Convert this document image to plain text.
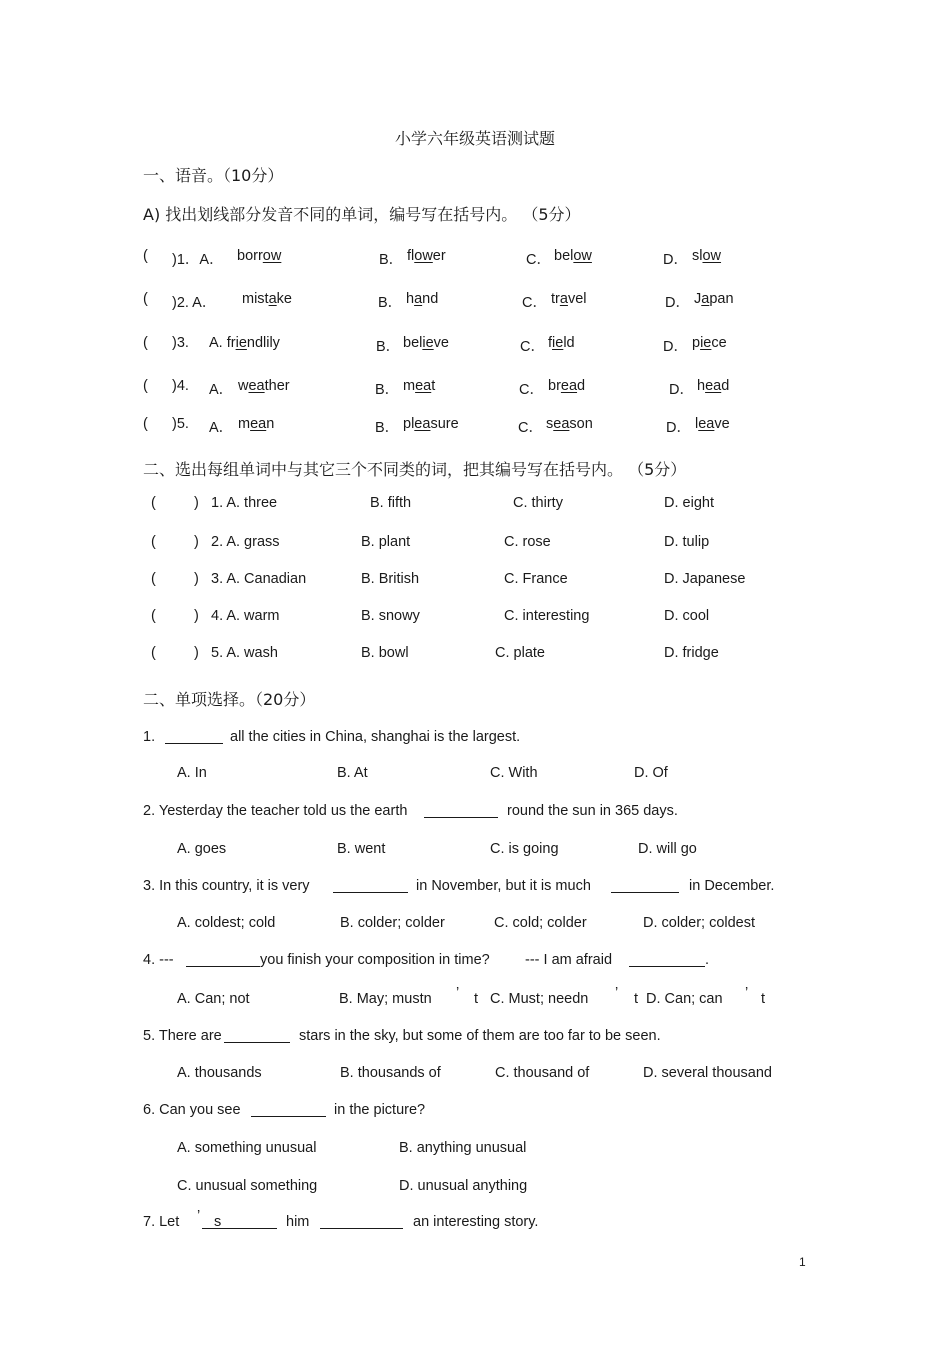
小学六年级英语测试题
一、语音。（10分）
A) 找出划线部分发音不同的单词，编号写在括号内。 （5分）
( )1．A． borrow	B． flower	C． below	D． slow
( )2. A． mistake	B． hand	C． travel	D． Japan
( )3. A. friendlily	B． believe	C． field	D． piece
( )4. A． weather	B． meat	C． bread	D． head
( )5. A． mean	B． pleasure	C． season	D． leave
二、选出每组单词中与其它三个不同类的词，把其编号写在括号内。 （5分）
(	) 1. A. three	B. fifth	C. thirty	D. eight
(	) 2. A. grass	B. plant	C. rose	D. tulip
(	) 3. A. Canadian	B. British	C. France	D. Japanese
(	) 4. A. warm	B. snowy	C. interesting	D. cool
(	) 5. A. wash	B. bowl	C. plate	D. fridge
二、单项选择。（20分）
1.	all the cities in China, shanghai is the largest.
A. In	B. At	C. With	D. Of
2. Yesterday the teacher told us the earth	round the sun in 365 days.
A. goes	B. went	C. is going	D. will go
3. In this country, it is very	in November, but it is much	in December.
A. coldest; cold	B. colder; colder	C. cold; colder	D. colder; coldest
4. ---	you finish your composition in time? --- I am afraid	.
A. Can; not	B. May; mustn ’ t C. Must; needn ’ t D. Can; can ’ t
5. There are	stars in the sky, but some of them are too far to be seen.
A. thousands	B. thousands of	C. thousand of	D. several thousand
6. Can you see	in the picture?
A. something unusual	B. anything unusual
C. unusual something	D. unusual anything
7. Let ’ s	him	an interesting story.
1
